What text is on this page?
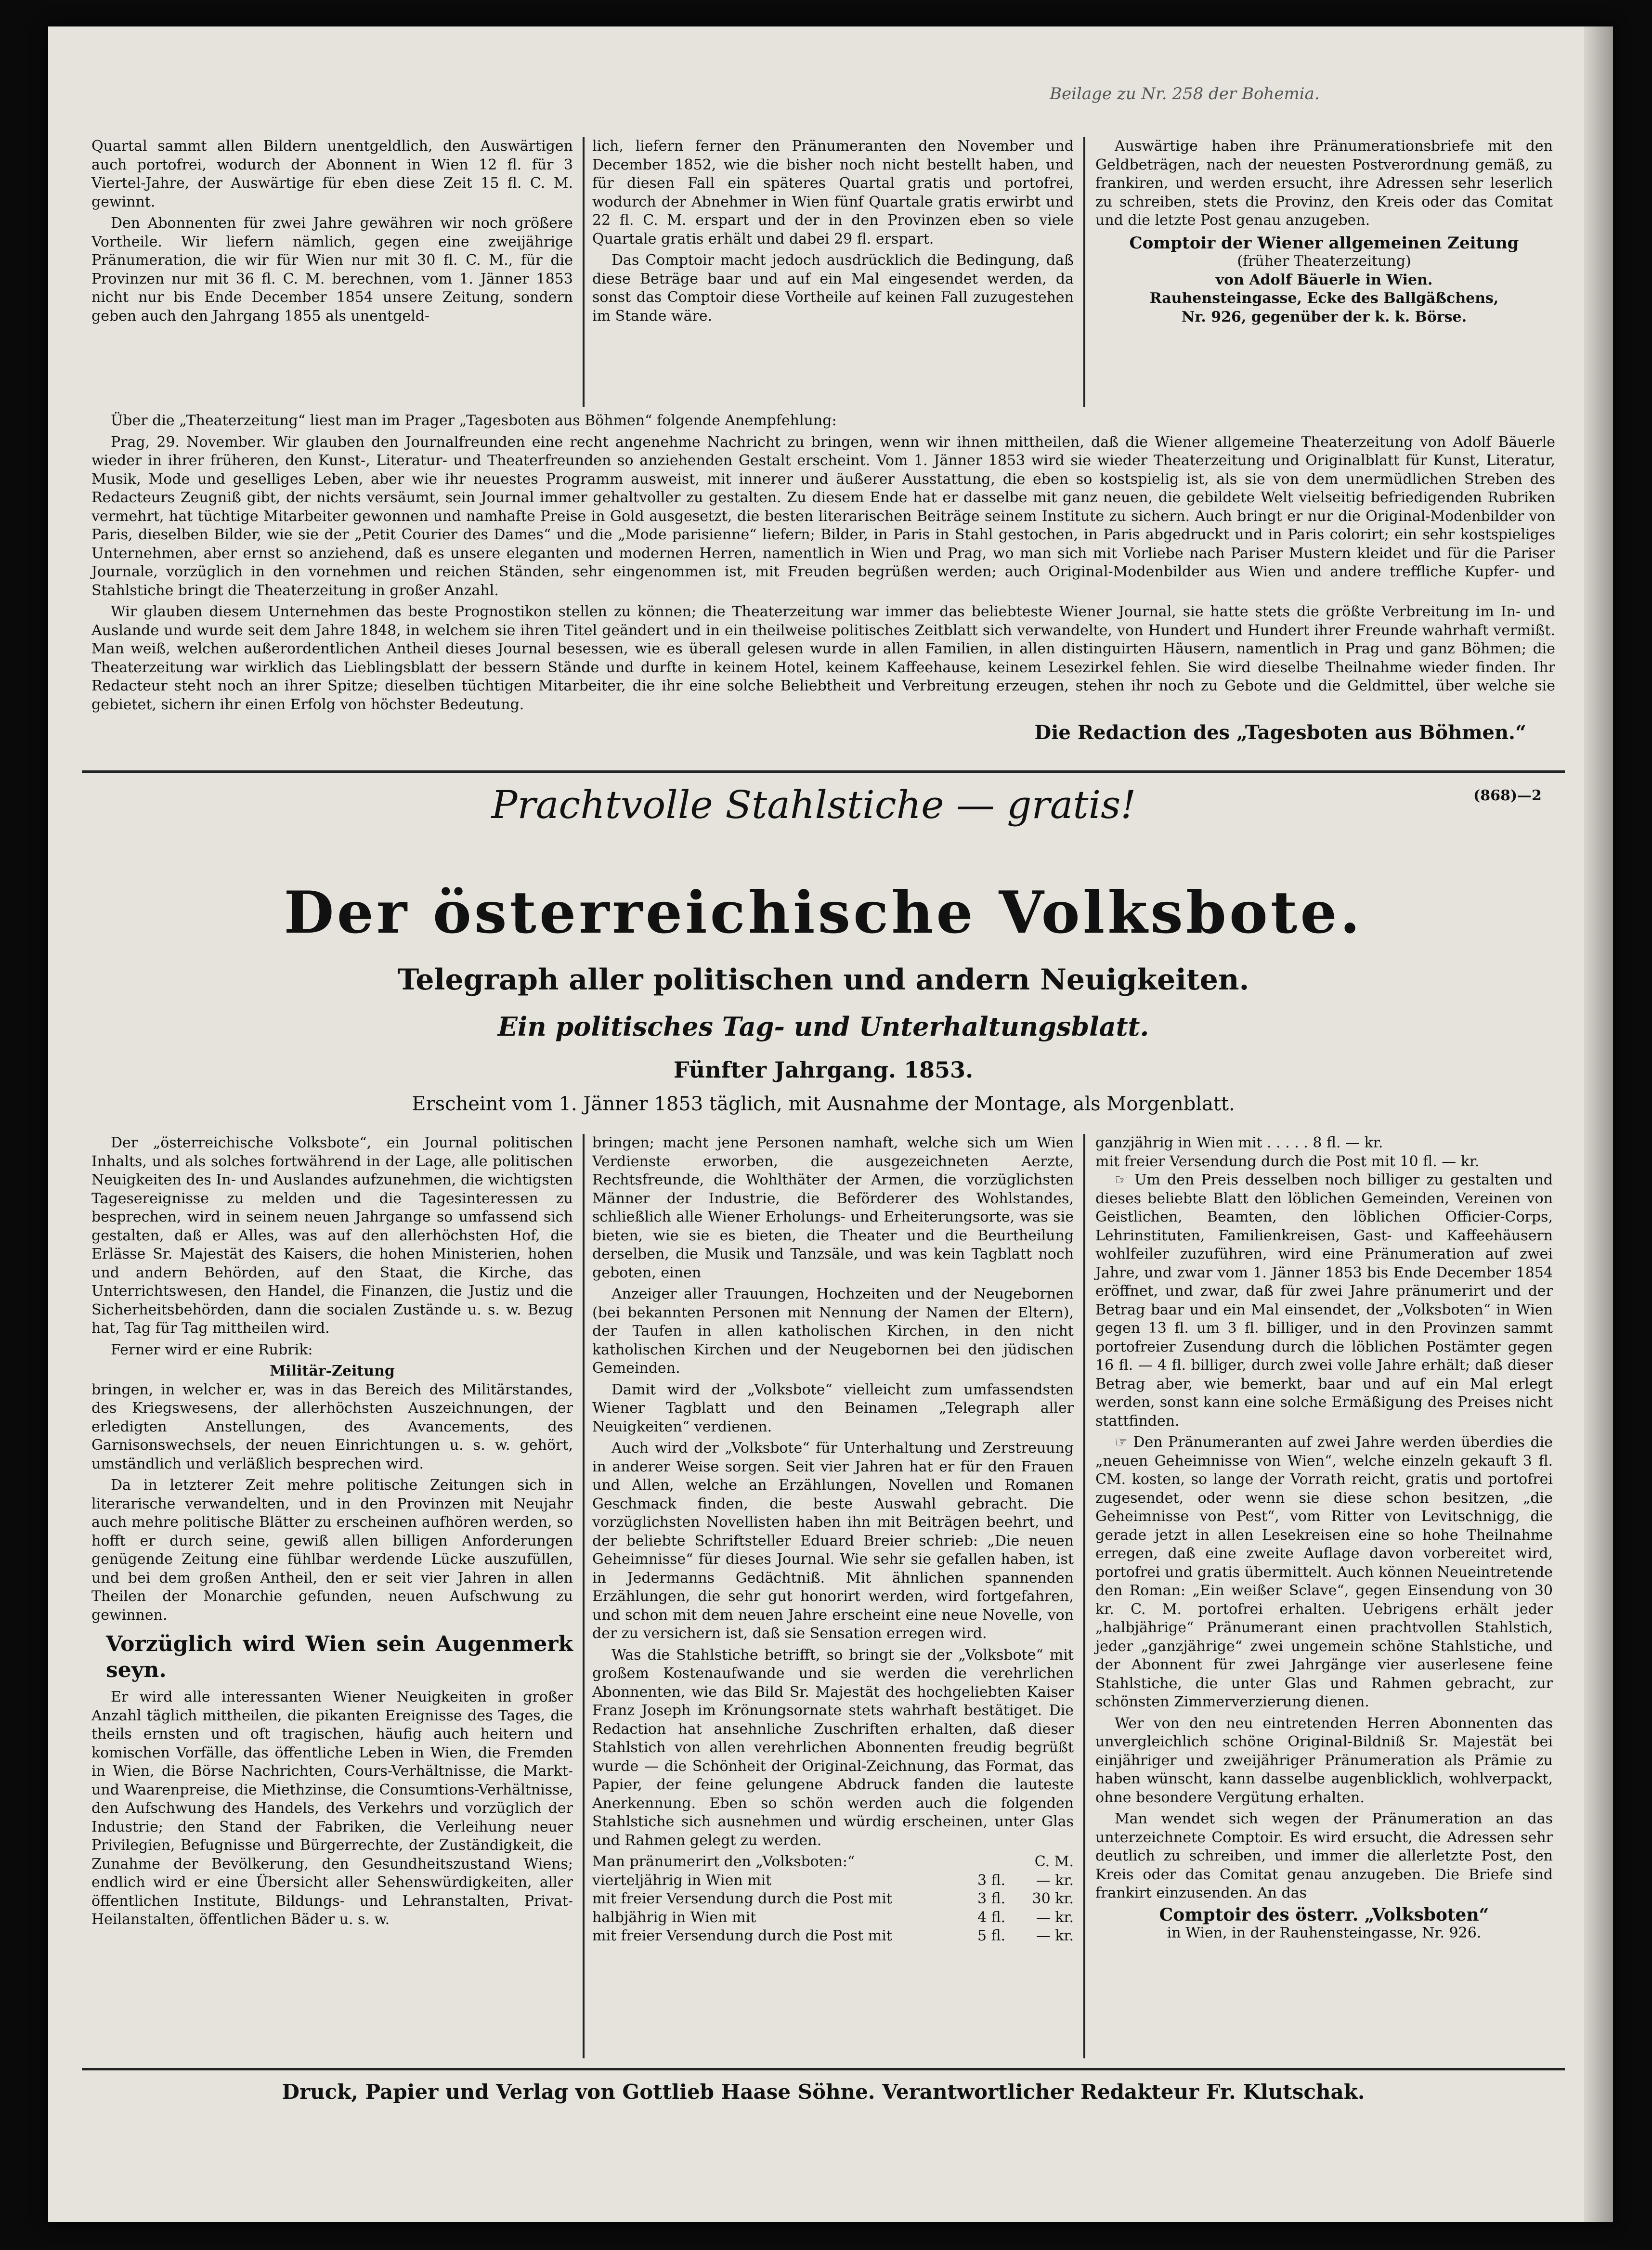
Beilage zu Nr. 258 der Bohemia.

Quartal sammt allen Bildern unentgeldlich, den Auswärtigen auch portofrei, wodurch der Abonnent in Wien 12 fl. für 3 Viertel-Jahre, der Auswärtige für eben diese Zeit 15 fl. C. M. gewinnt.

Den Abonnenten für zwei Jahre gewähren wir noch größere Vortheile. Wir liefern nämlich, gegen eine zweijährige Pränumeration, die wir für Wien nur mit 30 fl. C. M., für die Provinzen nur mit 36 fl. C. M. berechnen, vom 1. Jänner 1853 nicht nur bis Ende December 1854 unsere Zeitung, sondern geben auch den Jahrgang 1855 als unentgeld-

lich, liefern ferner den Pränumeranten den November und December 1852, wie die bisher noch nicht bestellt haben, und für diesen Fall ein späteres Quartal gratis und portofrei, wodurch der Abnehmer in Wien fünf Quartale gratis erwirbt und 22 fl. C. M. erspart und der in den Provinzen eben so viele Quartale gratis erhält und dabei 29 fl. erspart.

Das Comptoir macht jedoch ausdrücklich die Bedingung, daß diese Beträge baar und auf ein Mal eingesendet werden, da sonst das Comptoir diese Vortheile auf keinen Fall zuzugestehen im Stande wäre.

Auswärtige haben ihre Pränumerationsbriefe mit den Geldbeträgen, nach der neuesten Postverordnung gemäß, zu frankiren, und werden ersucht, ihre Adressen sehr leserlich zu schreiben, stets die Provinz, den Kreis oder das Comitat und die letzte Post genau anzugeben.

Comptoir der Wiener allgemeinen Zeitung
(früher Theaterzeitung)
von Adolf Bäuerle in Wien.
Rauhensteingasse, Ecke des Ballgäßchens,
Nr. 926, gegenüber der k. k. Börse.

Über die „Theaterzeitung“ liest man im Prager „Tagesboten aus Böhmen“ folgende Anempfehlung:

Prag, 29. November. Wir glauben den Journalfreunden eine recht angenehme Nachricht zu bringen, wenn wir ihnen mittheilen, daß die Wiener allgemeine Theaterzeitung von Adolf Bäuerle wieder in ihrer früheren, den Kunst-, Literatur- und Theaterfreunden so anziehenden Gestalt erscheint. Vom 1. Jänner 1853 wird sie wieder Theaterzeitung und Originalblatt für Kunst, Literatur, Musik, Mode und geselliges Leben, aber wie ihr neuestes Programm ausweist, mit innerer und äußerer Ausstattung, die eben so kostspielig ist, als sie von dem unermüdlichen Streben des Redacteurs Zeugniß gibt, der nichts versäumt, sein Journal immer gehaltvoller zu gestalten. Zu diesem Ende hat er dasselbe mit ganz neuen, die gebildete Welt vielseitig befriedigenden Rubriken vermehrt, hat tüchtige Mitarbeiter gewonnen und namhafte Preise in Gold ausgesetzt, die besten literarischen Beiträge seinem Institute zu sichern. Auch bringt er nur die Original-Modenbilder von Paris, dieselben Bilder, wie sie der „Petit Courier des Dames“ und die „Mode parisienne“ liefern; Bilder, in Paris in Stahl gestochen, in Paris abgedruckt und in Paris colorirt; ein sehr kostspieliges Unternehmen, aber ernst so anziehend, daß es unsere eleganten und modernen Herren, namentlich in Wien und Prag, wo man sich mit Vorliebe nach Pariser Mustern kleidet und für die Pariser Journale, vorzüglich in den vornehmen und reichen Ständen, sehr eingenommen ist, mit Freuden begrüßen werden; auch Original-Modenbilder aus Wien und andere treffliche Kupfer- und Stahlstiche bringt die Theaterzeitung in großer Anzahl.

Wir glauben diesem Unternehmen das beste Prognostikon stellen zu können; die Theaterzeitung war immer das beliebteste Wiener Journal, sie hatte stets die größte Verbreitung im In- und Auslande und wurde seit dem Jahre 1848, in welchem sie ihren Titel geändert und in ein theilweise politisches Zeitblatt sich verwandelte, von Hundert und Hundert ihrer Freunde wahrhaft vermißt. Man weiß, welchen außerordentlichen Antheil dieses Journal besessen, wie es überall gelesen wurde in allen Familien, in allen distinguirten Häusern, namentlich in Prag und ganz Böhmen; die Theaterzeitung war wirklich das Lieblingsblatt der bessern Stände und durfte in keinem Hotel, keinem Kaffeehause, keinem Lesezirkel fehlen. Sie wird dieselbe Theilnahme wieder finden. Ihr Redacteur steht noch an ihrer Spitze; dieselben tüchtigen Mitarbeiter, die ihr eine solche Beliebtheit und Verbreitung erzeugen, stehen ihr noch zu Gebote und die Geldmittel, über welche sie gebietet, sichern ihr einen Erfolg von höchster Bedeutung.

Die Redaction des „Tagesboten aus Böhmen.“
Prachtvolle Stahlstiche — gratis!	(868)—2
Der österreichische Volksbote.
Telegraph aller politischen und andern Neuigkeiten.
Ein politisches Tag- und Unterhaltungsblatt.
Fünfter Jahrgang. 1853.
Erscheint vom 1. Jänner 1853 täglich, mit Ausnahme der Montage, als Morgenblatt.

Der „österreichische Volksbote“, ein Journal politischen Inhalts, und als solches fortwährend in der Lage, alle politischen Neuigkeiten des In- und Auslandes aufzunehmen, die wichtigsten Tagesereignisse zu melden und die Tagesinteressen zu besprechen, wird in seinem neuen Jahrgange so umfassend sich gestalten, daß er Alles, was auf den allerhöchsten Hof, die Erlässe Sr. Majestät des Kaisers, die hohen Ministerien, hohen und andern Behörden, auf den Staat, die Kirche, das Unterrichtswesen, den Handel, die Finanzen, die Justiz und die Sicherheitsbehörden, dann die socialen Zustände u. s. w. Bezug hat, Tag für Tag mittheilen wird.

Ferner wird er eine Rubrik:

Militär-Zeitung

bringen, in welcher er, was in das Bereich des Militärstandes, des Kriegswesens, der allerhöchsten Auszeichnungen, der erledigten Anstellungen, des Avancements, des Garnisonswechsels, der neuen Einrichtungen u. s. w. gehört, umständlich und verläßlich besprechen wird.

Da in letzterer Zeit mehre politische Zeitungen sich in literarische verwandelten, und in den Provinzen mit Neujahr auch mehre politische Blätter zu erscheinen aufhören werden, so hofft er durch seine, gewiß allen billigen Anforderungen genügende Zeitung eine fühlbar werdende Lücke auszufüllen, und bei dem großen Antheil, den er seit vier Jahren in allen Theilen der Monarchie gefunden, neuen Aufschwung zu gewinnen.

Vorzüglich wird Wien sein Augenmerk seyn.

Er wird alle interessanten Wiener Neuigkeiten in großer Anzahl täglich mittheilen, die pikanten Ereignisse des Tages, die theils ernsten und oft tragischen, häufig auch heitern und komischen Vorfälle, das öffentliche Leben in Wien, die Fremden in Wien, die Börse Nachrichten, Cours-Verhältnisse, die Markt- und Waarenpreise, die Miethzinse, die Consumtions-Verhältnisse, den Aufschwung des Handels, des Verkehrs und vorzüglich der Industrie; den Stand der Fabriken, die Verleihung neuer Privilegien, Befugnisse und Bürgerrechte, der Zuständigkeit, die Zunahme der Bevölkerung, den Gesundheitszustand Wiens; endlich wird er eine Übersicht aller Sehenswürdigkeiten, aller öffentlichen Institute, Bildungs- und Lehranstalten, Privat-Heilanstalten, öffentlichen Bäder u. s. w.

bringen; macht jene Personen namhaft, welche sich um Wien Verdienste erworben, die ausgezeichneten Aerzte, Rechtsfreunde, die Wohlthäter der Armen, die vorzüglichsten Männer der Industrie, die Beförderer des Wohlstandes, schließlich alle Wiener Erholungs- und Erheiterungsorte, was sie bieten, wie sie es bieten, die Theater und die Beurtheilung derselben, die Musik und Tanzsäle, und was kein Tagblatt noch geboten, einen

Anzeiger aller Trauungen, Hochzeiten und der Neugebornen (bei bekannten Personen mit Nennung der Namen der Eltern), der Taufen in allen katholischen Kirchen, in den nicht katholischen Kirchen und der Neugebornen bei den jüdischen Gemeinden.

Damit wird der „Volksbote“ vielleicht zum umfassendsten Wiener Tagblatt und den Beinamen „Telegraph aller Neuigkeiten“ verdienen.

Auch wird der „Volksbote“ für Unterhaltung und Zerstreuung in anderer Weise sorgen. Seit vier Jahren hat er für den Frauen und Allen, welche an Erzählungen, Novellen und Romanen Geschmack finden, die beste Auswahl gebracht. Die vorzüglichsten Novellisten haben ihn mit Beiträgen beehrt, und der beliebte Schriftsteller Eduard Breier schrieb: „Die neuen Geheimnisse“ für dieses Journal. Wie sehr sie gefallen haben, ist in Jedermanns Gedächtniß. Mit ähnlichen spannenden Erzählungen, die sehr gut honorirt werden, wird fortgefahren, und schon mit dem neuen Jahre erscheint eine neue Novelle, von der zu versichern ist, daß sie Sensation erregen wird.

Was die Stahlstiche betrifft, so bringt sie der „Volksbote“ mit großem Kostenaufwande und sie werden die verehrlichen Abonnenten, wie das Bild Sr. Majestät des hochgeliebten Kaiser Franz Joseph im Krönungsornate stets wahrhaft bestätiget. Die Redaction hat ansehnliche Zuschriften erhalten, daß dieser Stahlstich von allen verehrlichen Abonnenten freudig begrüßt wurde — die Schönheit der Original-Zeichnung, das Format, das Papier, der feine gelungene Abdruck fanden die lauteste Anerkennung. Eben so schön werden auch die folgenden Stahlstiche sich ausnehmen und würdig erscheinen, unter Glas und Rahmen gelegt zu werden.

Man pränumerirt den „Volksboten:“	C. M.
vierteljährig in Wien mit	3 fl.	— kr.
mit freier Versendung durch die Post mit	3 fl.	30 kr.
halbjährig in Wien mit	4 fl.	— kr.
mit freier Versendung durch die Post mit	5 fl.	— kr.
ganzjährig in Wien mit . . . . . 8 fl. — kr.
mit freier Versendung durch die Post mit 10 fl. — kr.

☞ Um den Preis desselben noch billiger zu gestalten und dieses beliebte Blatt den löblichen Gemeinden, Vereinen von Geistlichen, Beamten, den löblichen Officier-Corps, Lehrinstituten, Familienkreisen, Gast- und Kaffeehäusern wohlfeiler zuzuführen, wird eine Pränumeration auf zwei Jahre, und zwar vom 1. Jänner 1853 bis Ende December 1854 eröffnet, und zwar, daß für zwei Jahre pränumerirt und der Betrag baar und ein Mal einsendet, der „Volksboten“ in Wien gegen 13 fl. um 3 fl. billiger, und in den Provinzen sammt portofreier Zusendung durch die löblichen Postämter gegen 16 fl. — 4 fl. billiger, durch zwei volle Jahre erhält; daß dieser Betrag aber, wie bemerkt, baar und auf ein Mal erlegt werden, sonst kann eine solche Ermäßigung des Preises nicht stattfinden.

☞ Den Pränumeranten auf zwei Jahre werden überdies die „neuen Geheimnisse von Wien“, welche einzeln gekauft 3 fl. CM. kosten, so lange der Vorrath reicht, gratis und portofrei zugesendet, oder wenn sie diese schon besitzen, „die Geheimnisse von Pest“, vom Ritter von Levitschnigg, die gerade jetzt in allen Lesekreisen eine so hohe Theilnahme erregen, daß eine zweite Auflage davon vorbereitet wird, portofrei und gratis übermittelt. Auch können Neueintretende den Roman: „Ein weißer Sclave“, gegen Einsendung von 30 kr. C. M. portofrei erhalten. Uebrigens erhält jeder „halbjährige“ Pränumerant einen prachtvollen Stahlstich, jeder „ganzjährige“ zwei ungemein schöne Stahlstiche, und der Abonnent für zwei Jahrgänge vier auserlesene feine Stahlstiche, die unter Glas und Rahmen gebracht, zur schönsten Zimmerverzierung dienen.

Wer von den neu eintretenden Herren Abonnenten das unvergleichlich schöne Original-Bildniß Sr. Majestät bei einjähriger und zweijähriger Pränumeration als Prämie zu haben wünscht, kann dasselbe augenblicklich, wohlverpackt, ohne besondere Vergütung erhalten.

Man wendet sich wegen der Pränumeration an das unterzeichnete Comptoir. Es wird ersucht, die Adressen sehr deutlich zu schreiben, und immer die allerletzte Post, den Kreis oder das Comitat genau anzugeben. Die Briefe sind frankirt einzusenden. An das

Comptoir des österr. „Volksboten“
in Wien, in der Rauhensteingasse, Nr. 926.
Druck, Papier und Verlag von Gottlieb Haase Söhne. Verantwortlicher Redakteur Fr. Klutschak.
